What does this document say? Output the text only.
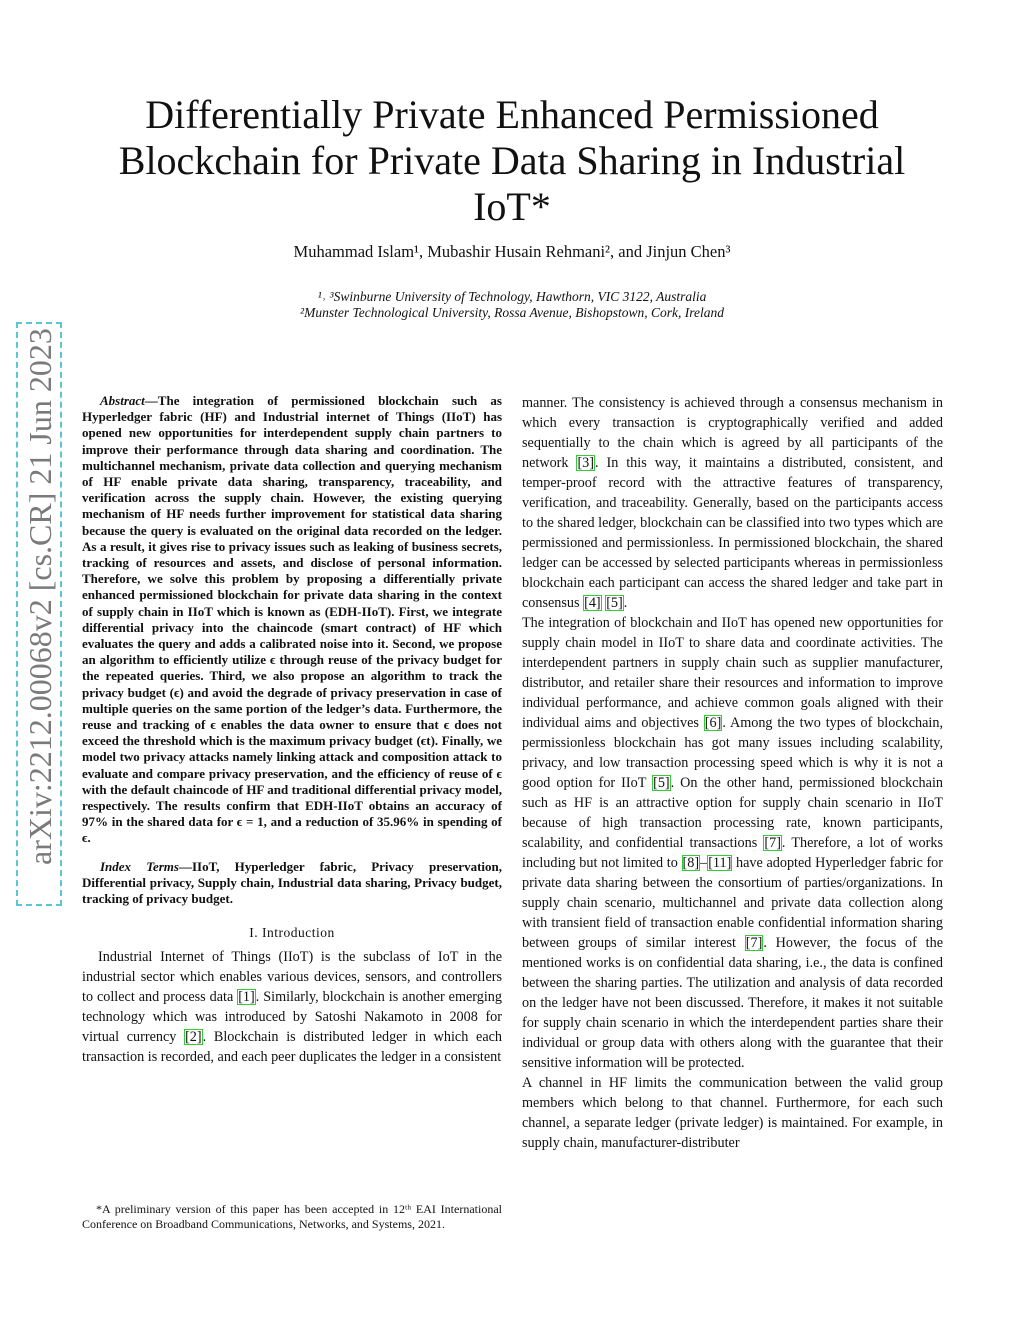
arXiv:2212.00068v2 [cs.CR] 21 Jun 2023
Differentially Private Enhanced Permissioned Blockchain for Private Data Sharing in Industrial IoT*
Muhammad Islam¹, Mubashir Husain Rehmani², and Jinjun Chen³
¹˒ ³Swinburne University of Technology, Hawthorn, VIC 3122, Australia
²Munster Technological University, Rossa Avenue, Bishopstown, Cork, Ireland

Abstract—The integration of permissioned blockchain such as Hyperledger fabric (HF) and Industrial internet of Things (IIoT) has opened new opportunities for interdependent supply chain partners to improve their performance through data sharing and coordination. The multichannel mechanism, private data collection and querying mechanism of HF enable private data sharing, transparency, traceability, and verification across the supply chain. However, the existing querying mechanism of HF needs further improvement for statistical data sharing because the query is evaluated on the original data recorded on the ledger. As a result, it gives rise to privacy issues such as leaking of business secrets, tracking of resources and assets, and disclose of personal information. Therefore, we solve this problem by proposing a differentially private enhanced permissioned blockchain for private data sharing in the context of supply chain in IIoT which is known as (EDH-IIoT). First, we integrate differential privacy into the chaincode (smart contract) of HF which evaluates the query and adds a calibrated noise into it. Second, we propose an algorithm to efficiently utilize ϵ through reuse of the privacy budget for the repeated queries. Third, we also propose an algorithm to track the privacy budget (ϵ) and avoid the degrade of privacy preservation in case of multiple queries on the same portion of the ledger’s data. Furthermore, the reuse and tracking of ϵ enables the data owner to ensure that ϵ does not exceed the threshold which is the maximum privacy budget (ϵt). Finally, we model two privacy attacks namely linking attack and composition attack to evaluate and compare privacy preservation, and the efficiency of reuse of ϵ with the default chaincode of HF and traditional differential privacy model, respectively. The results confirm that EDH-IIoT obtains an accuracy of 97% in the shared data for ϵ = 1, and a reduction of 35.96% in spending of ϵ.

Index Terms—IIoT, Hyperledger fabric, Privacy preservation, Differential privacy, Supply chain, Industrial data sharing, Privacy budget, tracking of privacy budget.

I. Introduction

Industrial Internet of Things (IIoT) is the subclass of IoT in the industrial sector which enables various devices, sensors, and controllers to collect and process data [1]. Similarly, blockchain is another emerging technology which was introduced by Satoshi Nakamoto in 2008 for virtual currency [2]. Blockchain is distributed ledger in which each transaction is recorded, and each peer duplicates the ledger in a consistent

*A preliminary version of this paper has been accepted in 12ᵗʰ EAI International Conference on Broadband Communications, Networks, and Systems, 2021.

manner. The consistency is achieved through a consensus mechanism in which every transaction is cryptographically verified and added sequentially to the chain which is agreed by all participants of the network [3]. In this way, it maintains a distributed, consistent, and temper-proof record with the attractive features of transparency, verification, and traceability. Generally, based on the participants access to the shared ledger, blockchain can be classified into two types which are permissioned and permissionless. In permissioned blockchain, the shared ledger can be accessed by selected participants whereas in permissionless blockchain each participant can access the shared ledger and take part in consensus [4] [5].

The integration of blockchain and IIoT has opened new opportunities for supply chain model in IIoT to share data and coordinate activities. The interdependent partners in supply chain such as supplier manufacturer, distributor, and retailer share their resources and information to improve individual performance, and achieve common goals aligned with their individual aims and objectives [6]. Among the two types of blockchain, permissionless blockchain has got many issues including scalability, privacy, and low transaction processing speed which is why it is not a good option for IIoT [5]. On the other hand, permissioned blockchain such as HF is an attractive option for supply chain scenario in IIoT because of high transaction processing rate, known participants, scalability, and confidential transactions [7]. Therefore, a lot of works including but not limited to [8]–[11] have adopted Hyperledger fabric for private data sharing between the consortium of parties/organizations. In supply chain scenario, multichannel and private data collection along with transient field of transaction enable confidential information sharing between groups of similar interest [7]. However, the focus of the mentioned works is on confidential data sharing, i.e., the data is confined between the sharing parties. The utilization and analysis of data recorded on the ledger have not been discussed. Therefore, it makes it not suitable for supply chain scenario in which the interdependent parties share their individual or group data with others along with the guarantee that their sensitive information will be protected.

A channel in HF limits the communication between the valid group members which belong to that channel. Furthermore, for each such channel, a separate ledger (private ledger) is maintained. For example, in supply chain, manufacturer-distributer
